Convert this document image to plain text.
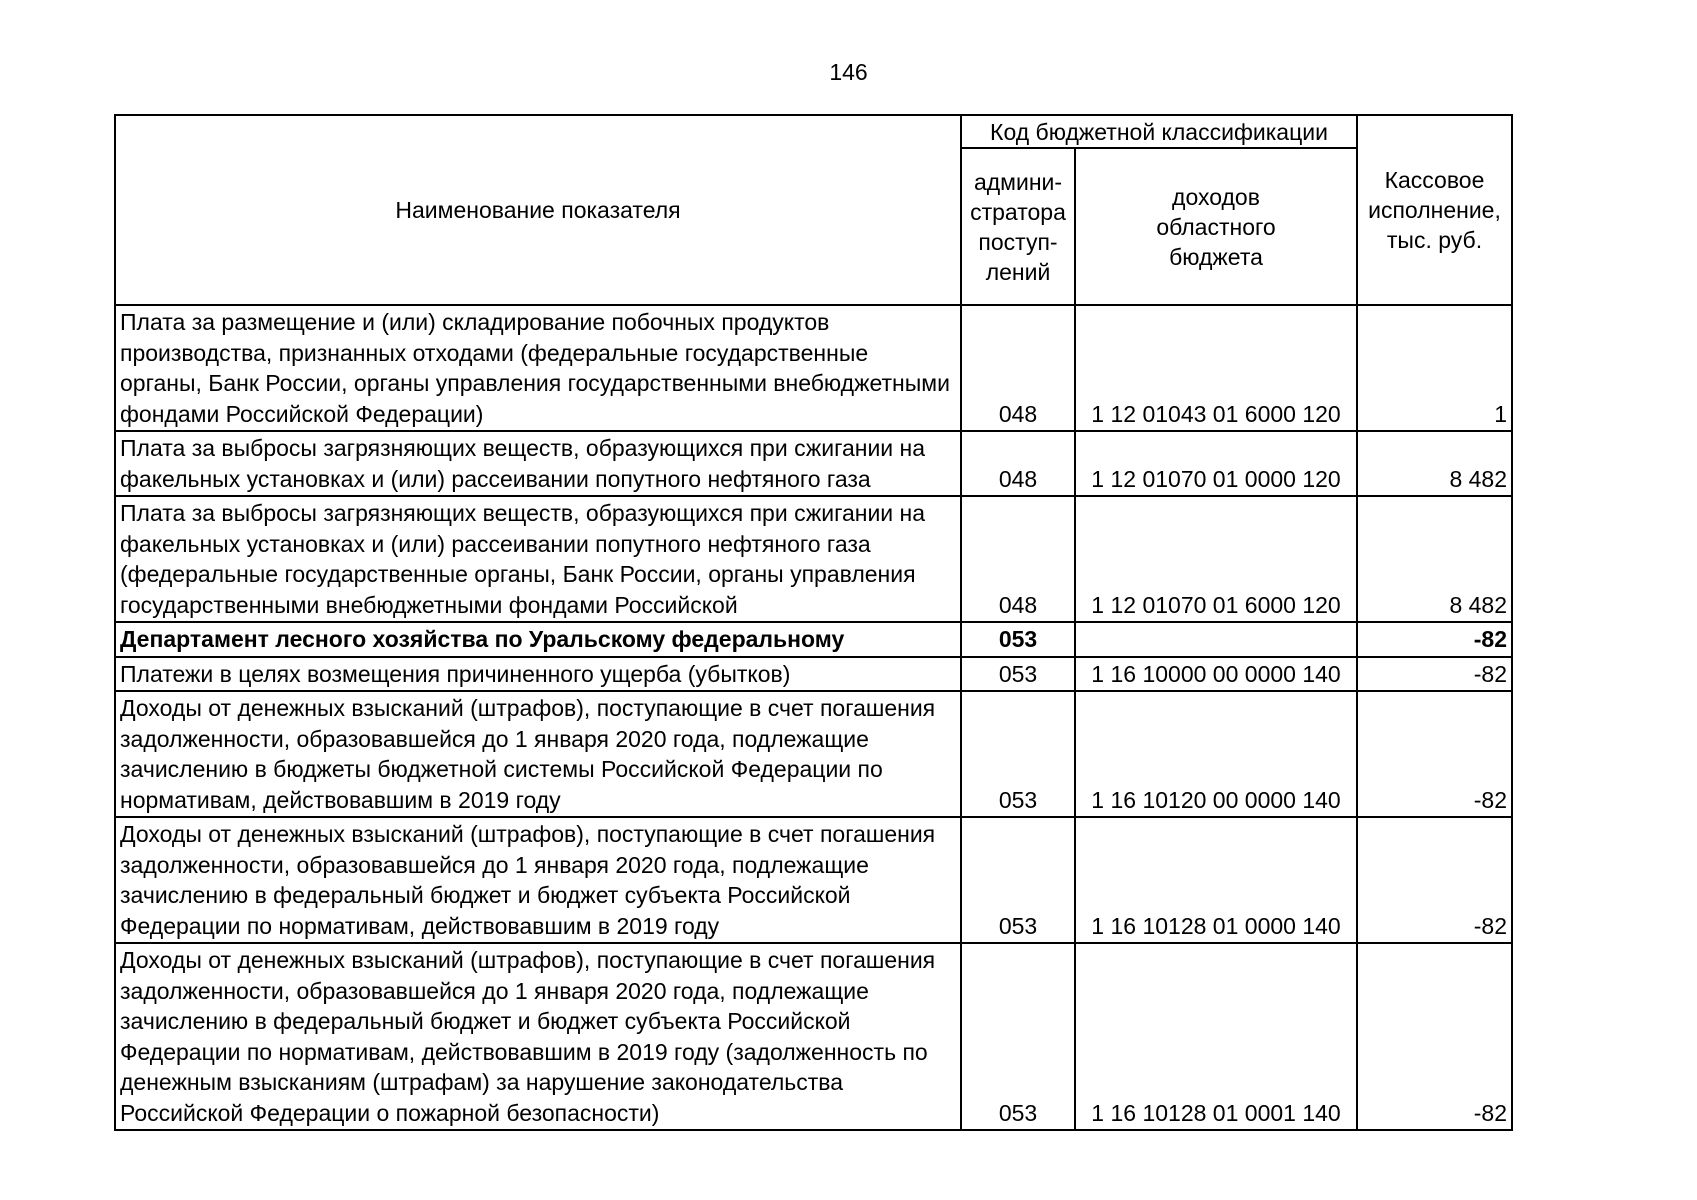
146
Наименование показателя	Код бюджетной классификации		Кассовое
исполнение,
тыс. руб.
	админи-
стратора
поступ-
лений	доходов
областного
бюджета	
Плата за размещение и (или) складирование побочных продуктов производства, признанных отходами (федеральные государственные органы, Банк России, органы управления государственными внебюджетными фондами Российской Федерации)	048	1 12 01043 01 6000 120	1
Плата за выбросы загрязняющих веществ, образующихся при сжигании на факельных установках и (или) рассеивании попутного нефтяного газа	048	1 12 01070 01 0000 120	8 482
Плата за выбросы загрязняющих веществ, образующихся при сжигании на факельных установках и (или) рассеивании попутного нефтяного газа (федеральные государственные органы, Банк России, органы управления государственными внебюджетными фондами Российской	048	1 12 01070 01 6000 120	8 482
Департамент лесного хозяйства по Уральскому федеральному	053		-82
Платежи в целях возмещения причиненного ущерба (убытков)	053	1 16 10000 00 0000 140	-82
Доходы от денежных взысканий (штрафов), поступающие в счет погашения задолженности, образовавшейся до 1 января 2020 года, подлежащие зачислению в бюджеты бюджетной системы Российской Федерации по нормативам, действовавшим в 2019 году	053	1 16 10120 00 0000 140	-82
Доходы от денежных взысканий (штрафов), поступающие в счет погашения задолженности, образовавшейся до 1 января 2020 года, подлежащие зачислению в федеральный бюджет и бюджет субъекта Российской Федерации по нормативам, действовавшим в 2019 году	053	1 16 10128 01 0000 140	-82
Доходы от денежных взысканий (штрафов), поступающие в счет погашения задолженности, образовавшейся до 1 января 2020 года, подлежащие зачислению в федеральный бюджет и бюджет субъекта Российской Федерации по нормативам, действовавшим в 2019 году (задолженность по денежным взысканиям (штрафам) за нарушение законодательства Российской Федерации о пожарной безопасности)	053	1 16 10128 01 0001 140	-82
